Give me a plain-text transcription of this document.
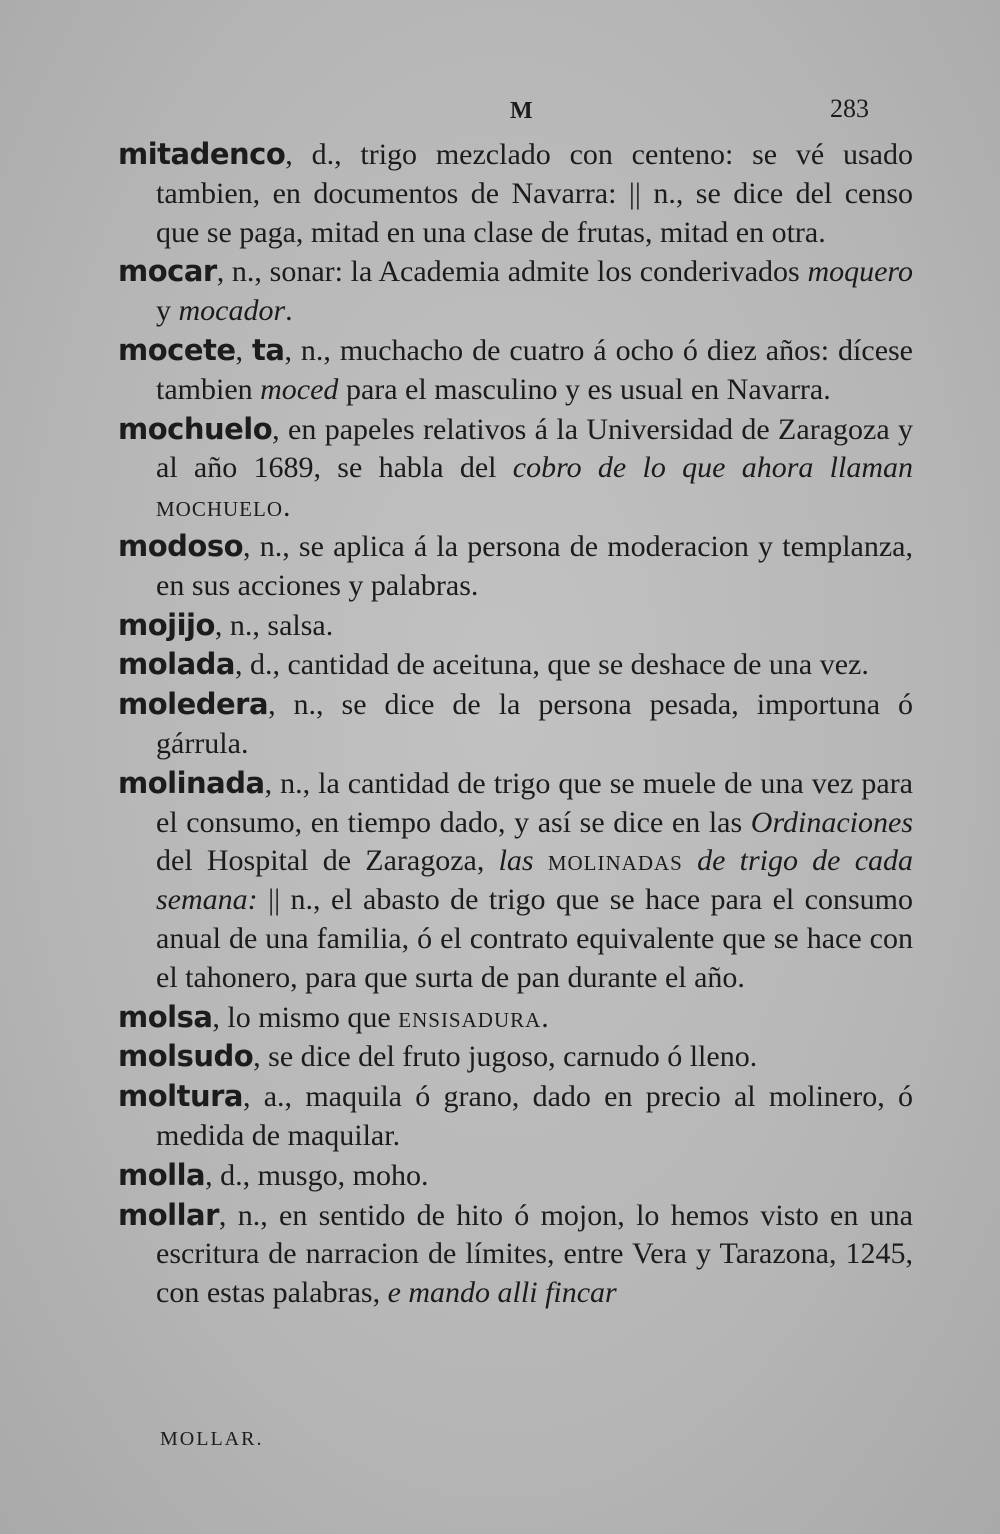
M	283

mitadenco, d., trigo mezclado con centeno: se vé usado tambien, en documentos de Navarra: || n., se dice del censo que se paga, mitad en una clase de frutas, mitad en otra.

mocar, n., sonar: la Academia admite los conderivados moquero y mocador.

mocete, ta, n., muchacho de cuatro á ocho ó diez años: dícese tambien moced para el masculino y es usual en Navarra.

mochuelo, en papeles relativos á la Universidad de Zaragoza y al año 1689, se habla del cobro de lo que ahora llaman mochuelo.

modoso, n., se aplica á la persona de moderacion y templanza, en sus acciones y palabras.

mojijo, n., salsa.

molada, d., cantidad de aceituna, que se deshace de una vez.

moledera, n., se dice de la persona pesada, importuna ó gárrula.

molinada, n., la cantidad de trigo que se muele de una vez para el consumo, en tiempo dado, y así se dice en las Ordinaciones del Hospital de Zaragoza, las molinadas de trigo de cada semana: || n., el abasto de trigo que se hace para el consumo anual de una familia, ó el contrato equivalente que se hace con el tahonero, para que surta de pan durante el año.

molsa, lo mismo que ensisadura.

molsudo, se dice del fruto jugoso, carnudo ó lleno.

moltura, a., maquila ó grano, dado en precio al molinero, ó medida de maquilar.

molla, d., musgo, moho.

mollar, n., en sentido de hito ó mojon, lo hemos visto en una escritura de narracion de límites, entre Vera y Tarazona, 1245, con estas palabras, e mando alli fincar

MOLLAR.
